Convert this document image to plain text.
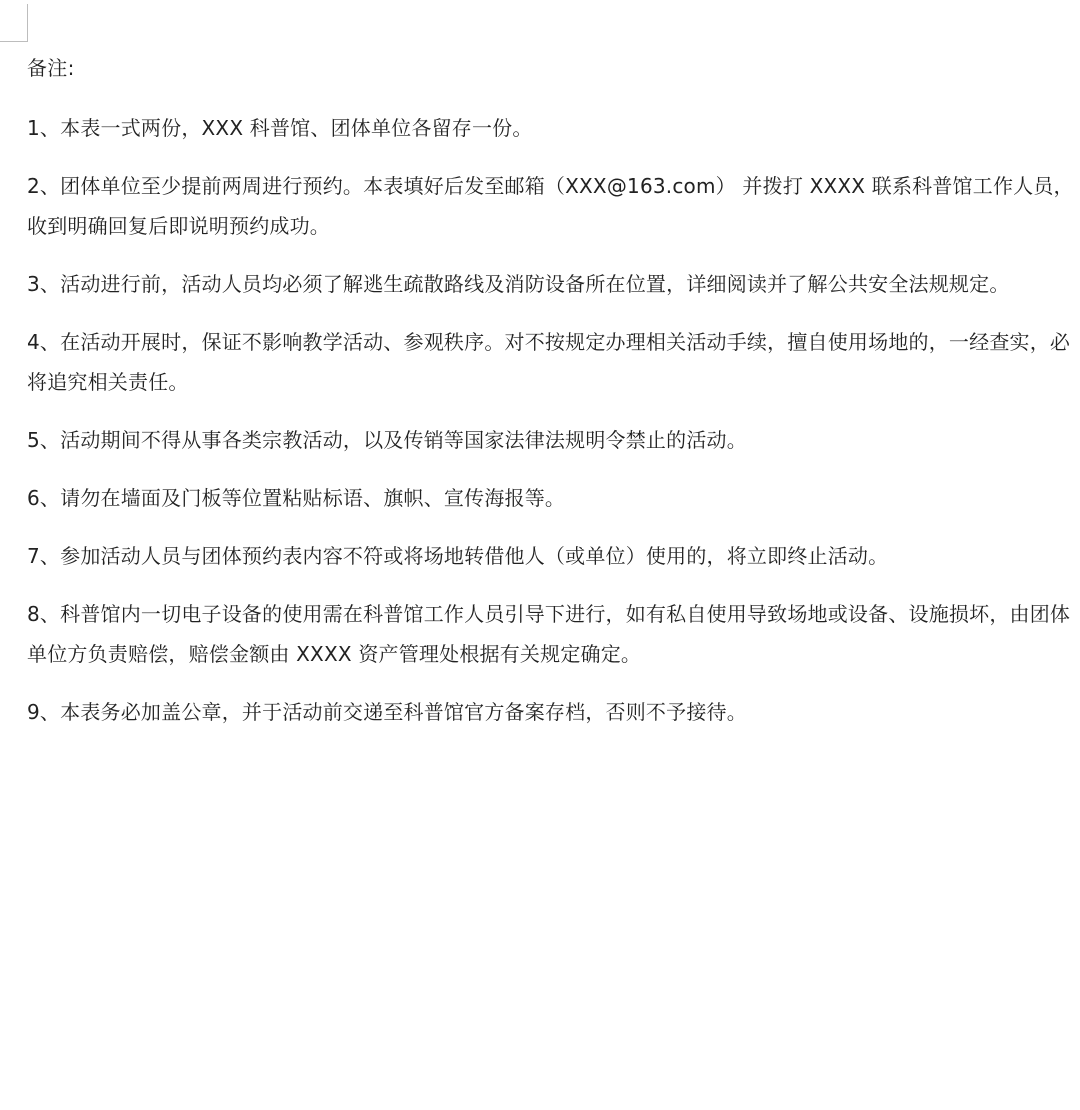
备注:

1、本表一式两份，XXX 科普馆、团体单位各留存一份。

2、团体单位至少提前两周进行预约。本表填好后发至邮箱（XXX@163.com） 并拨打 XXXX 联系科普馆工作人员，收到明确回复后即说明预约成功。

3、活动进行前，活动人员均必须了解逃生疏散路线及消防设备所在位置，详细阅读并了解公共安全法规规定。

4、在活动开展时，保证不影响教学活动、参观秩序。对不按规定办理相关活动手续，擅自使用场地的，一经查实，必将追究相关责任。

5、活动期间不得从事各类宗教活动，以及传销等国家法律法规明令禁止的活动。

6、请勿在墙面及门板等位置粘贴标语、旗帜、宣传海报等。

7、参加活动人员与团体预约表内容不符或将场地转借他人（或单位）使用的，将立即终止活动。

8、科普馆内一切电子设备的使用需在科普馆工作人员引导下进行，如有私自使用导致场地或设备、设施损坏，由团体单位方负责赔偿，赔偿金额由 XXXX 资产管理处根据有关规定确定。

9、本表务必加盖公章，并于活动前交递至科普馆官方备案存档，否则不予接待。
